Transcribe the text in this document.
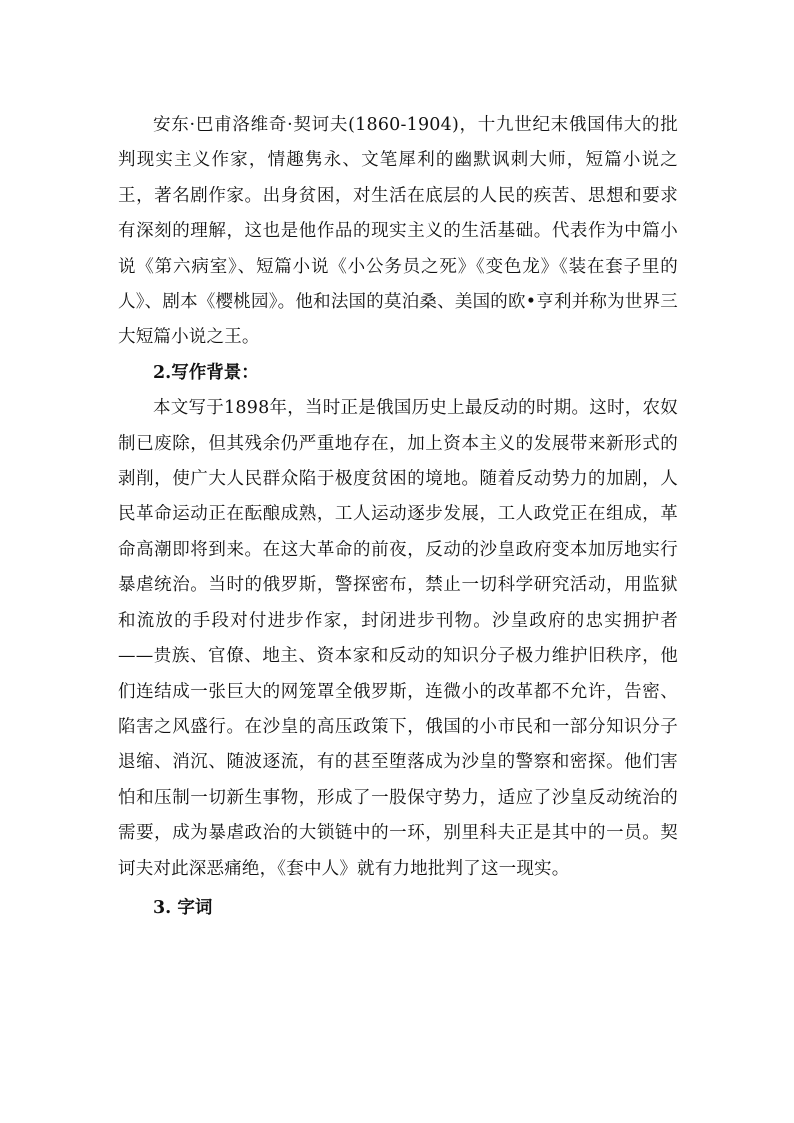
安东·巴甫洛维奇·契诃夫(1860-1904)，十九世纪末俄国伟大的批判现实主义作家，情趣隽永、文笔犀利的幽默讽刺大师，短篇小说之王，著名剧作家。出身贫困，对生活在底层的人民的疾苦、思想和要求有深刻的理解，这也是他作品的现实主义的生活基础。代表作为中篇小说《第六病室》、短篇小说《小公务员之死》《变色龙》《装在套子里的人》、剧本《樱桃园》。他和法国的莫泊桑、美国的欧•亨利并称为世界三大短篇小说之王。

2.写作背景：

本文写于1898年，当时正是俄国历史上最反动的时期。这时，农奴制已废除，但其残余仍严重地存在，加上资本主义的发展带来新形式的剥削，使广大人民群众陷于极度贫困的境地。随着反动势力的加剧，人民革命运动正在酝酿成熟，工人运动逐步发展，工人政党正在组成，革命高潮即将到来。在这大革命的前夜，反动的沙皇政府变本加厉地实行暴虐统治。当时的俄罗斯，警探密布，禁止一切科学研究活动，用监狱和流放的手段对付进步作家，封闭进步刊物。沙皇政府的忠实拥护者——贵族、官僚、地主、资本家和反动的知识分子极力维护旧秩序，他们连结成一张巨大的网笼罩全俄罗斯，连微小的改革都不允许，告密、陷害之风盛行。在沙皇的高压政策下，俄国的小市民和一部分知识分子退缩、消沉、随波逐流，有的甚至堕落成为沙皇的警察和密探。他们害怕和压制一切新生事物，形成了一股保守势力，适应了沙皇反动统治的需要，成为暴虐政治的大锁链中的一环，别里科夫正是其中的一员。契诃夫对此深恶痛绝，《套中人》就有力地批判了这一现实。

3. 字词
